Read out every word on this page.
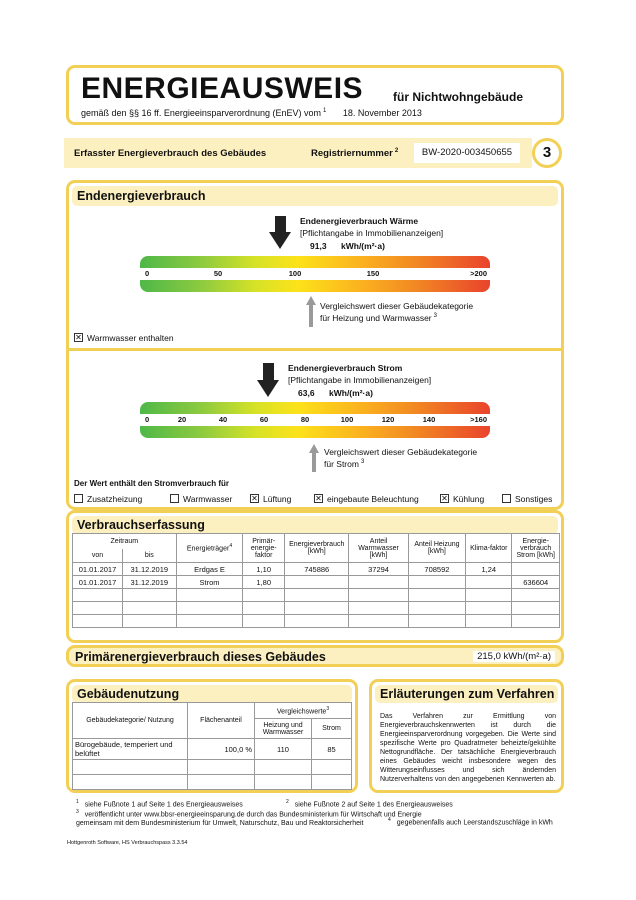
ENERGIEAUSWEIS für Nichtwohngebäude
gemäß den §§ 16 ff. Energieeinsparverordnung (EnEV) vom $^1$ 18. November 2013
Erfasster Energieverbrauch des Gebäudes	Registriernummer $^2$	BW-2020-003450655	3
Endenergieverbrauch
Endenergieverbrauch Wärme
[Pflichtangabe in Immobilienanzeigen]
91,3 kWh/(m²·a)
0	50	100	150	>200
Vergleichswert dieser Gebäudekategorie
für Heizung und Warmwasser $^3$
✕ Warmwasser enthalten
Endenergieverbrauch Strom
[Pflichtangabe in Immobilienanzeigen]
63,6 kWh/(m²·a)
0	20	40	60	80	100	120	140	>160
Vergleichswert dieser Gebäudekategorie
für Strom $^3$
Der Wert enthält den Stromverbrauch für
Zusatzheizung	Warmwasser ✕ Lüftung	✕ eingebaute Beleuchtung	✕ Kühlung	Sonstiges
Verbrauchserfassung
Zeitraum		Energieträger$^4$	Primär-energie-faktor	Energieverbrauch [kWh]	Anteil Warmwasser [kWh]	Anteil Heizung [kWh]	Klima-faktor	Energie-verbrauch Strom [kWh]
von	bis							
01.01.2017	31.12.2019	Erdgas E	1,10	745886	37294	708592	1,24	
01.01.2017	31.12.2019	Strom	1,80					636604

Primärenergieverbrauch dieses Gebäudes	215,0 kWh/(m²·a)
Gebäudenutzung
Gebäudekategorie/ Nutzung	Flächenanteil	Vergleichswerte$^3$
		Heizung und Warmwasser	Strom
Bürogebäude, temperiert und belüftet	100,0 %	110	85

Erläuterungen zum Verfahren
Das Verfahren zur Ermittlung von Energieverbrauchskennwerten ist durch die Energieeinsparverordnung vorgegeben. Die Werte sind spezifische Werte pro Quadratmeter beheizte/gekühlte Nettogrundfläche. Der tatsächliche Energieverbrauch eines Gebäudes weicht insbesondere wegen des Witterungseinflusses und sich ändernden Nutzerverhaltens von den angegebenen Kennwerten ab.
$^1$ siehe Fußnote 1 auf Seite 1 des Energieausweises	$^2$ siehe Fußnote 2 auf Seite 1 des Energieausweises
$^3$ veröffentlicht unter www.bbsr-energieeinsparung.de durch das Bundesministerium für Wirtschaft und Energie gemeinsam mit dem Bundesministerium für Umwelt, Naturschutz, Bau und Reaktorsicherheit
$^4$ gegebenenfalls auch Leerstandszuschläge in kWh
Hottgenroth Software, HS Verbrauchspass 3.3.54
